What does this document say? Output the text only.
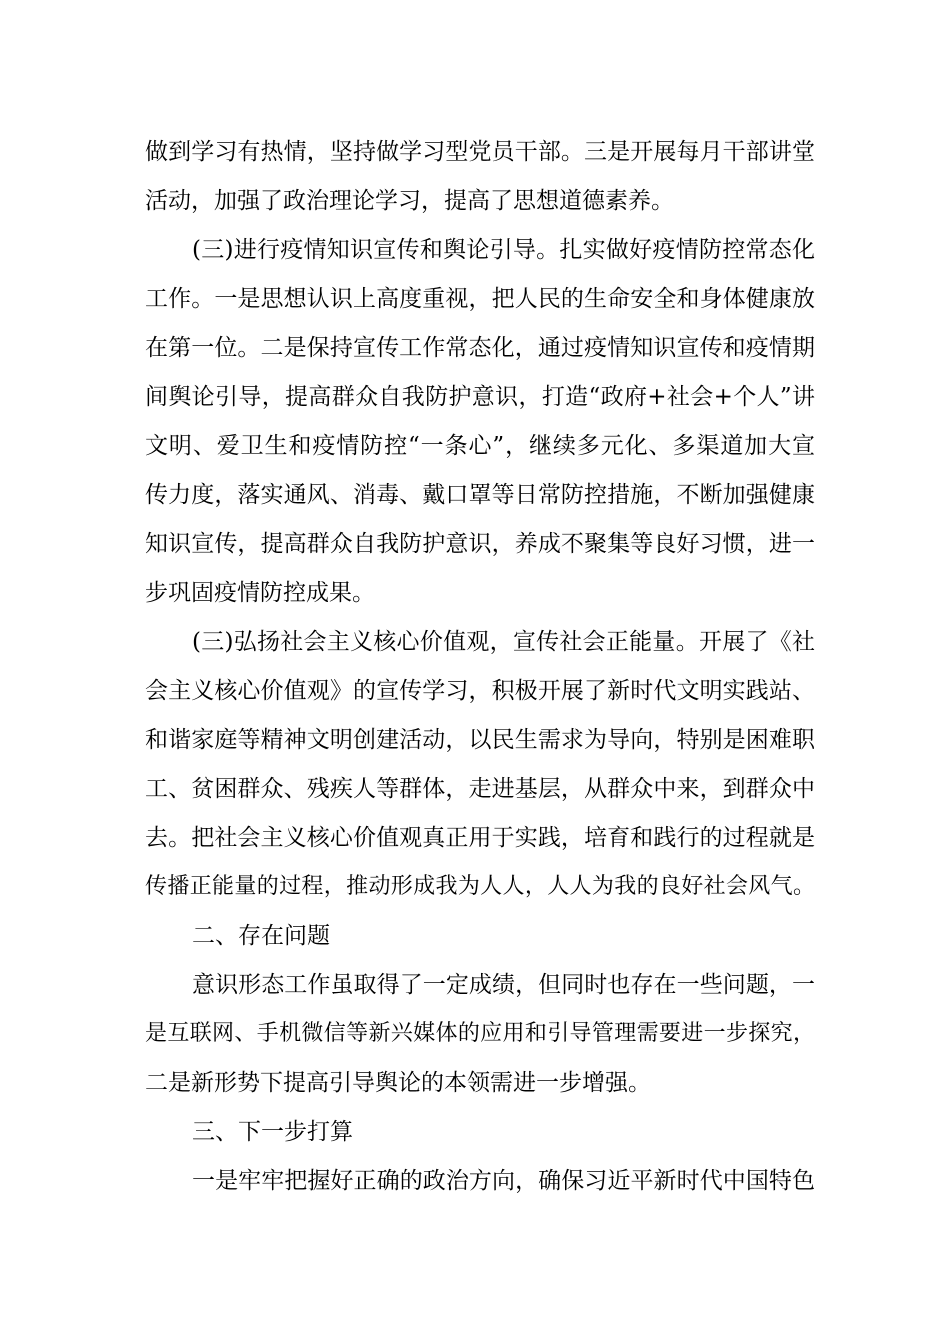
做到学习有热情，坚持做学习型党员干部。三是开展每月干部讲堂
活动，加强了政治理论学习，提高了思想道德素养。
(三)进行疫情知识宣传和舆论引导。扎实做好疫情防控常态化
工作。一是思想认识上高度重视，把人民的生命安全和身体健康放
在第一位。二是保持宣传工作常态化，通过疫情知识宣传和疫情期
间舆论引导，提高群众自我防护意识，打造“政府+社会+个人”讲
文明、爱卫生和疫情防控“一条心”，继续多元化、多渠道加大宣
传力度，落实通风、消毒、戴口罩等日常防控措施，不断加强健康
知识宣传，提高群众自我防护意识，养成不聚集等良好习惯，进一
步巩固疫情防控成果。
(三)弘扬社会主义核心价值观，宣传社会正能量。开展了《社
会主义核心价值观》的宣传学习，积极开展了新时代文明实践站、
和谐家庭等精神文明创建活动，以民生需求为导向，特别是困难职
工、贫困群众、残疾人等群体，走进基层，从群众中来，到群众中
去。把社会主义核心价值观真正用于实践，培育和践行的过程就是
传播正能量的过程，推动形成我为人人，人人为我的良好社会风气。
二、存在问题
意识形态工作虽取得了一定成绩，但同时也存在一些问题，一
是互联网、手机微信等新兴媒体的应用和引导管理需要进一步探究，
二是新形势下提高引导舆论的本领需进一步增强。
三、下一步打算
一是牢牢把握好正确的政治方向，确保习近平新时代中国特色
